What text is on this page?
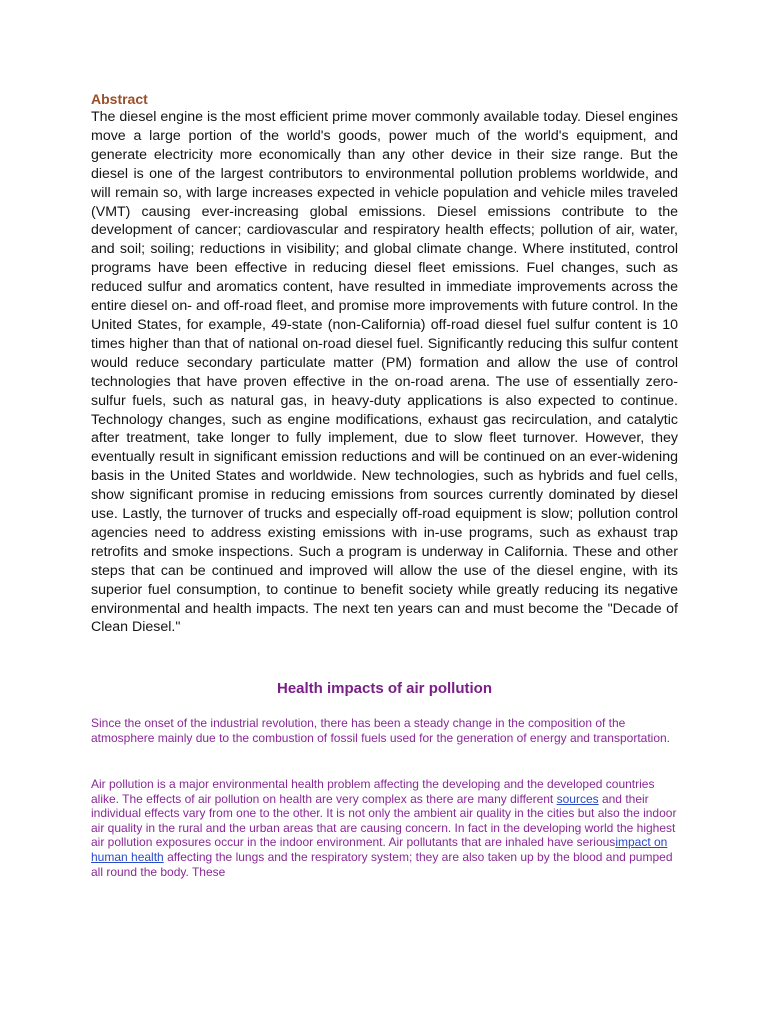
Abstract

The diesel engine is the most efficient prime mover commonly available today. Diesel engines move a large portion of the world's goods, power much of the world's equipment, and generate electricity more economically than any other device in their size range. But the diesel is one of the largest contributors to environmental pollution problems worldwide, and will remain so, with large increases expected in vehicle population and vehicle miles traveled (VMT) causing ever-increasing global emissions. Diesel emissions contribute to the development of cancer; cardiovascular and respiratory health effects; pollution of air, water, and soil; soiling; reductions in visibility; and global climate change. Where instituted, control programs have been effective in reducing diesel fleet emissions. Fuel changes, such as reduced sulfur and aromatics content, have resulted in immediate improvements across the entire diesel on- and off-road fleet, and promise more improvements with future control. In the United States, for example, 49-state (non-California) off-road diesel fuel sulfur content is 10 times higher than that of national on-road diesel fuel. Significantly reducing this sulfur content would reduce secondary particulate matter (PM) formation and allow the use of control technologies that have proven effective in the on-road arena. The use of essentially zero-sulfur fuels, such as natural gas, in heavy-duty applications is also expected to continue. Technology changes, such as engine modifications, exhaust gas recirculation, and catalytic after treatment, take longer to fully implement, due to slow fleet turnover. However, they eventually result in significant emission reductions and will be continued on an ever-widening basis in the United States and worldwide. New technologies, such as hybrids and fuel cells, show significant promise in reducing emissions from sources currently dominated by diesel use. Lastly, the turnover of trucks and especially off-road equipment is slow; pollution control agencies need to address existing emissions with in-use programs, such as exhaust trap retrofits and smoke inspections. Such a program is underway in California. These and other steps that can be continued and improved will allow the use of the diesel engine, with its superior fuel consumption, to continue to benefit society while greatly reducing its negative environmental and health impacts. The next ten years can and must become the "Decade of Clean Diesel."

Health impacts of air pollution

Since the onset of the industrial revolution, there has been a steady change in the composition of the atmosphere mainly due to the combustion of fossil fuels used for the generation of energy and transportation.

Air pollution is a major environmental health problem affecting the developing and the developed countries alike. The effects of air pollution on health are very complex as there are many different sources and their individual effects vary from one to the other. It is not only the ambient air quality in the cities but also the indoor air quality in the rural and the urban areas that are causing concern. In fact in the developing world the highest air pollution exposures occur in the indoor environment. Air pollutants that are inhaled have seriousimpact on human health affecting the lungs and the respiratory system; they are also taken up by the blood and pumped all round the body. These
